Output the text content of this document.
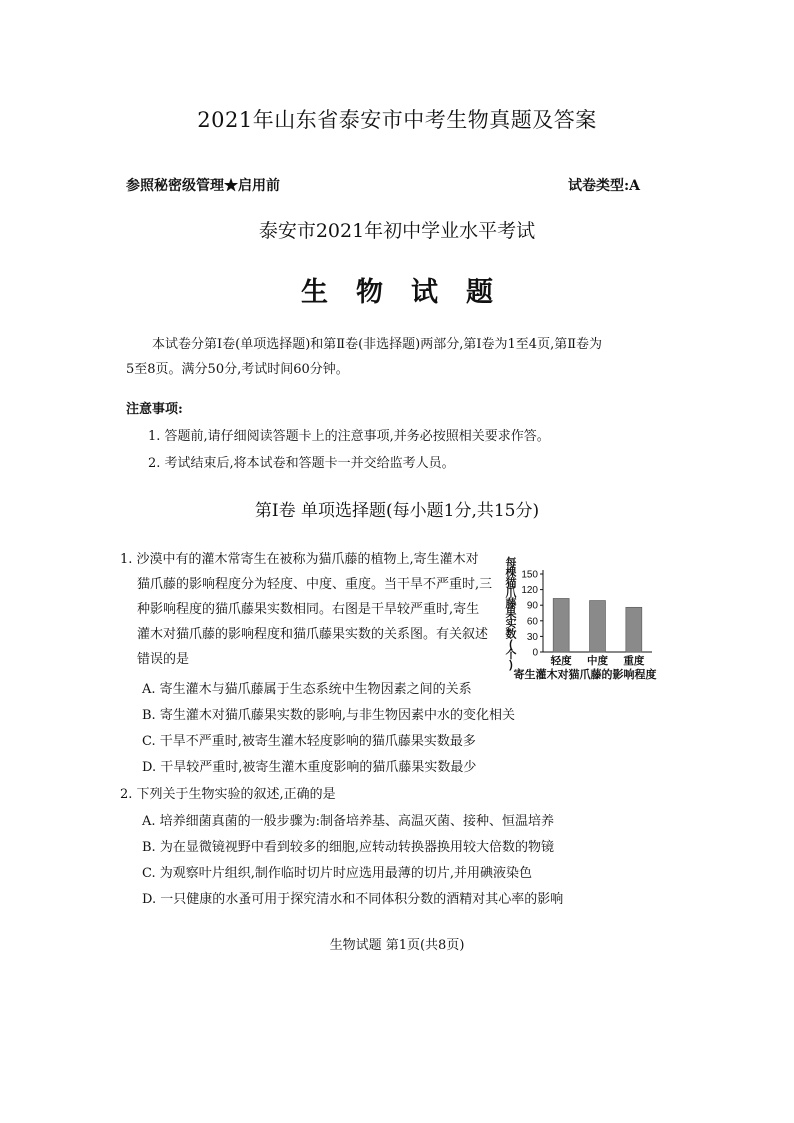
2021年山东省泰安市中考生物真题及答案
参照秘密级管理★启用前	试卷类型:A
泰安市2021年初中学业水平考试
生物试题
本试卷分第Ⅰ卷(单项选择题)和第Ⅱ卷(非选择题)两部分,第Ⅰ卷为1至4页,第Ⅱ卷为
5至8页。满分50分,考试时间60分钟。
注意事项:
1. 答题前,请仔细阅读答题卡上的注意事项,并务必按照相关要求作答。
2. 考试结束后,将本试卷和答题卡一并交给监考人员。
第Ⅰ卷 单项选择题(每小题1分,共15分)
1. 沙漠中有的灌木常寄生在被称为猫爪藤的植物上,寄生灌木对
猫爪藤的影响程度分为轻度、中度、重度。当干旱不严重时,三
种影响程度的猫爪藤果实数相同。右图是干旱较严重时,寄生
灌木对猫爪藤的影响程度和猫爪藤果实数的关系图。有关叙述
错误的是
A. 寄生灌木与猫爪藤属于生态系统中生物因素之间的关系
B. 寄生灌木对猫爪藤果实数的影响,与非生物因素中水的变化相关
C. 干旱不严重时,被寄生灌木轻度影响的猫爪藤果实数最多
D. 干旱较严重时,被寄生灌木重度影响的猫爪藤果实数最少
2. 下列关于生物实验的叙述,正确的是
A. 培养细菌真菌的一般步骤为:制备培养基、高温灭菌、接种、恒温培养
B. 为在显微镜视野中看到较多的细胞,应转动转换器换用较大倍数的物镜
C. 为观察叶片组织,制作临时切片时应选用最薄的切片,并用碘液染色
D. 一只健康的水蚤可用于探究清水和不同体积分数的酒精对其心率的影响
每棵猫爪藤果实数(个)
寄生灌木对猫爪藤的影响程度
0
30
60
90
120
150
轻度 中度 重度
生物试题 第1页(共8页)
